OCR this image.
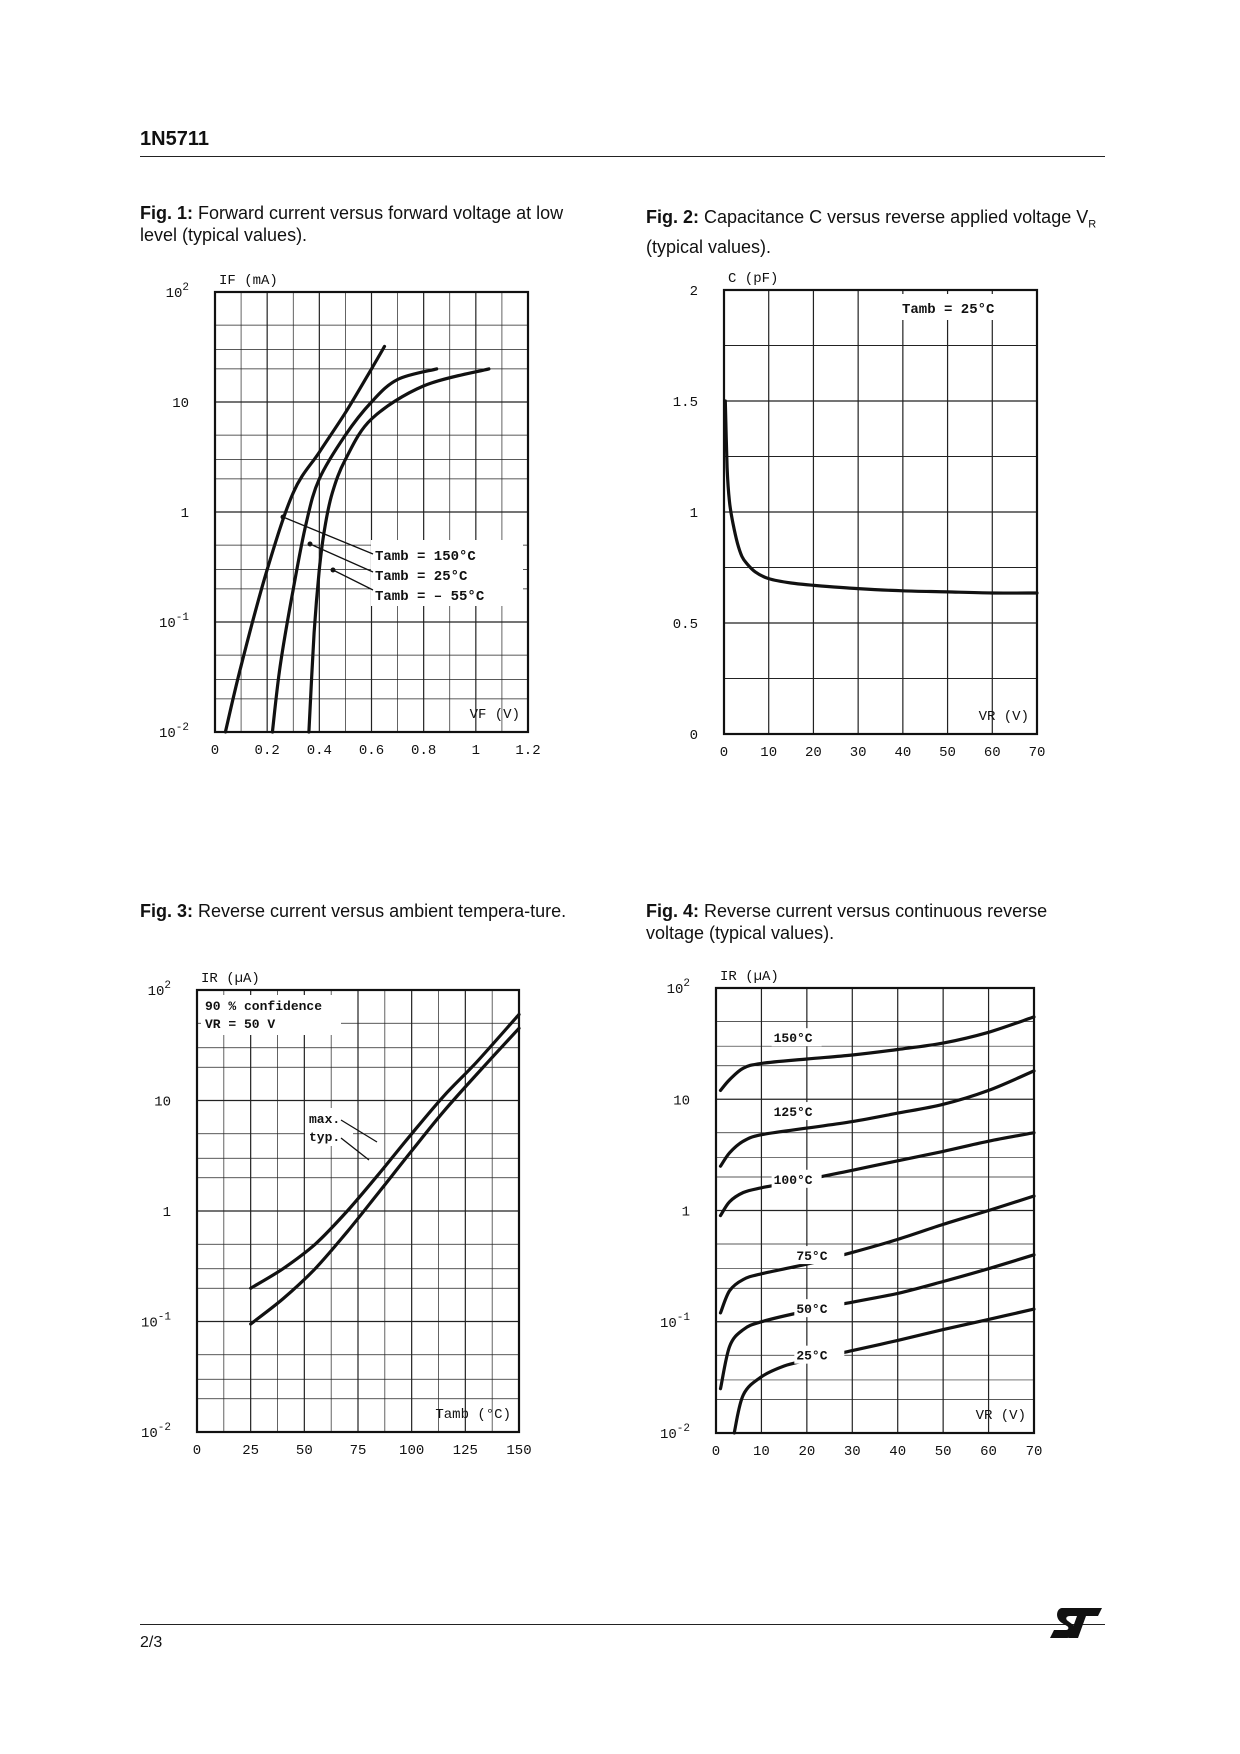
1N5711
Fig. 1: Forward current versus forward voltage at low level (typical values).
Fig. 2: Capacitance C versus reverse applied voltage $V_R$ (typical values).
Fig. 3: Reverse current versus ambient tempera-ture.	Fig. 4: Reverse current versus continuous reverse voltage (typical values).
0	0.2 0.4 0.6 0.8	1	1.2
$10^{-2}$
$10^{-1}$
1
10
$10^2$ IF (mA)
VF (V)
Tamb = 150°C
Tamb = 25°C
Tamb = – 55°C
0 10 20 30 40 50 60 70
0
0.5
1
1.5
2
C (pF)
VR (V)
Tamb = 25°C
0	25	50	75 100 125 150
$10^{-2}$
$10^{-1}$
1
10
$10^2$ IR (µA)
Tamb (°C)
90 % confidence
VR = 50 V
max.
typ.
0 10 20 30 40 50 60 70
$10^{-2}$
$10^{-1}$
1
10
$10^2$ IR (µA)
VR (V)
150°C
125°C
100°C
75°C
50°C
25°C
2/3
